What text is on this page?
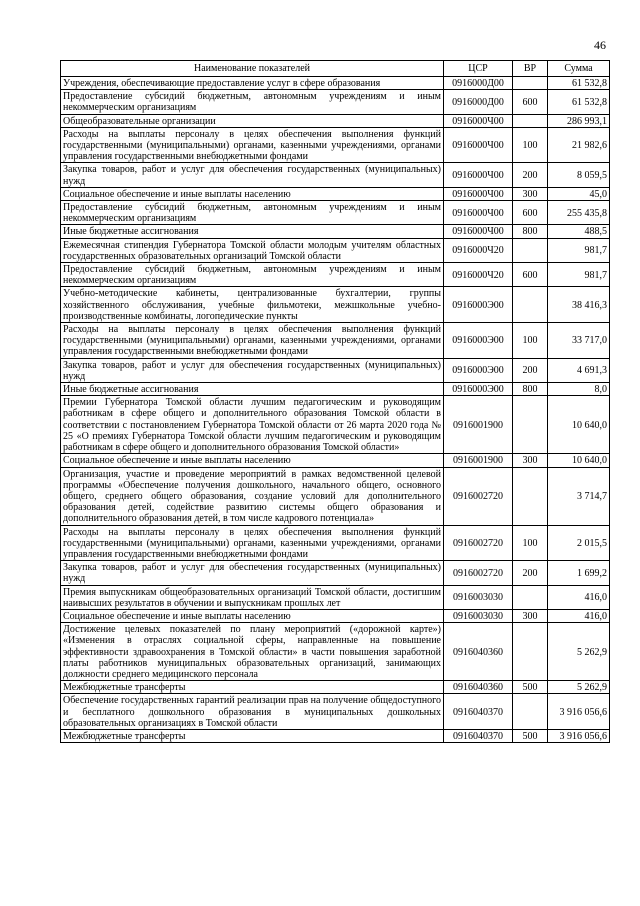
46
Наименование показателей	ЦСР	ВР	Сумма
Учреждения, обеспечивающие предоставление услуг в сфере образования	0916000Д00		61 532,8
Предоставление субсидий бюджетным, автономным учреждениям и иным некоммерческим организациям	0916000Д00	600	61 532,8
Общеобразовательные организации	0916000Ч00		286 993,1
Расходы на выплаты персоналу в целях обеспечения выполнения функций государственными (муниципальными) органами, казенными учреждениями, органами управления государственными внебюджетными фондами	0916000Ч00	100	21 982,6
Закупка товаров, работ и услуг для обеспечения государственных (муниципальных) нужд	0916000Ч00	200	8 059,5
Социальное обеспечение и иные выплаты населению	0916000Ч00	300	45,0
Предоставление субсидий бюджетным, автономным учреждениям и иным некоммерческим организациям	0916000Ч00	600	255 435,8
Иные бюджетные ассигнования	0916000Ч00	800	488,5
Ежемесячная стипендия Губернатора Томской области молодым учителям областных государственных образовательных организаций Томской области	0916000Ч20		981,7
Предоставление субсидий бюджетным, автономным учреждениям и иным некоммерческим организациям	0916000Ч20	600	981,7
Учебно-методические кабинеты, централизованные бухгалтерии, группы хозяйственного обслуживания, учебные фильмотеки, межшкольные учебно-производственные комбинаты, логопедические пункты	0916000Э00		38 416,3
Расходы на выплаты персоналу в целях обеспечения выполнения функций государственными (муниципальными) органами, казенными учреждениями, органами управления государственными внебюджетными фондами	0916000Э00	100	33 717,0
Закупка товаров, работ и услуг для обеспечения государственных (муниципальных) нужд	0916000Э00	200	4 691,3
Иные бюджетные ассигнования	0916000Э00	800	8,0
Премии Губернатора Томской области лучшим педагогическим и руководящим работникам в сфере общего и дополнительного образования Томской области в соответствии с постановлением Губернатора Томской области от 26 марта 2020 года № 25 «О премиях Губернатора Томской области лучшим педагогическим и руководящим работникам в сфере общего и дополнительного образования Томской области»	0916001900		10 640,0
Социальное обеспечение и иные выплаты населению	0916001900	300	10 640,0
Организация, участие и проведение мероприятий в рамках ведомственной целевой программы «Обеспечение получения дошкольного, начального общего, основного общего, среднего общего образования, создание условий для дополнительного образования детей, содействие развитию системы общего образования и дополнительного образования детей, в том числе кадрового потенциала»	0916002720		3 714,7
Расходы на выплаты персоналу в целях обеспечения выполнения функций государственными (муниципальными) органами, казенными учреждениями, органами управления государственными внебюджетными фондами	0916002720	100	2 015,5
Закупка товаров, работ и услуг для обеспечения государственных (муниципальных) нужд	0916002720	200	1 699,2
Премия выпускникам общеобразовательных организаций Томской области, достигшим наивысших результатов в обучении и выпускникам прошлых лет	0916003030		416,0
Социальное обеспечение и иные выплаты населению	0916003030	300	416,0
Достижение целевых показателей по плану мероприятий («дорожной карте») «Изменения в отраслях социальной сферы, направленные на повышение эффективности здравоохранения в Томской области» в части повышения заработной платы работников муниципальных образовательных организаций, занимающих должности среднего медицинского персонала	0916040360		5 262,9
Межбюджетные трансферты	0916040360	500	5 262,9
Обеспечение государственных гарантий реализации прав на получение общедоступного и бесплатного дошкольного образования в муниципальных дошкольных образовательных организациях в Томской области	0916040370		3 916 056,6
Межбюджетные трансферты	0916040370	500	3 916 056,6
